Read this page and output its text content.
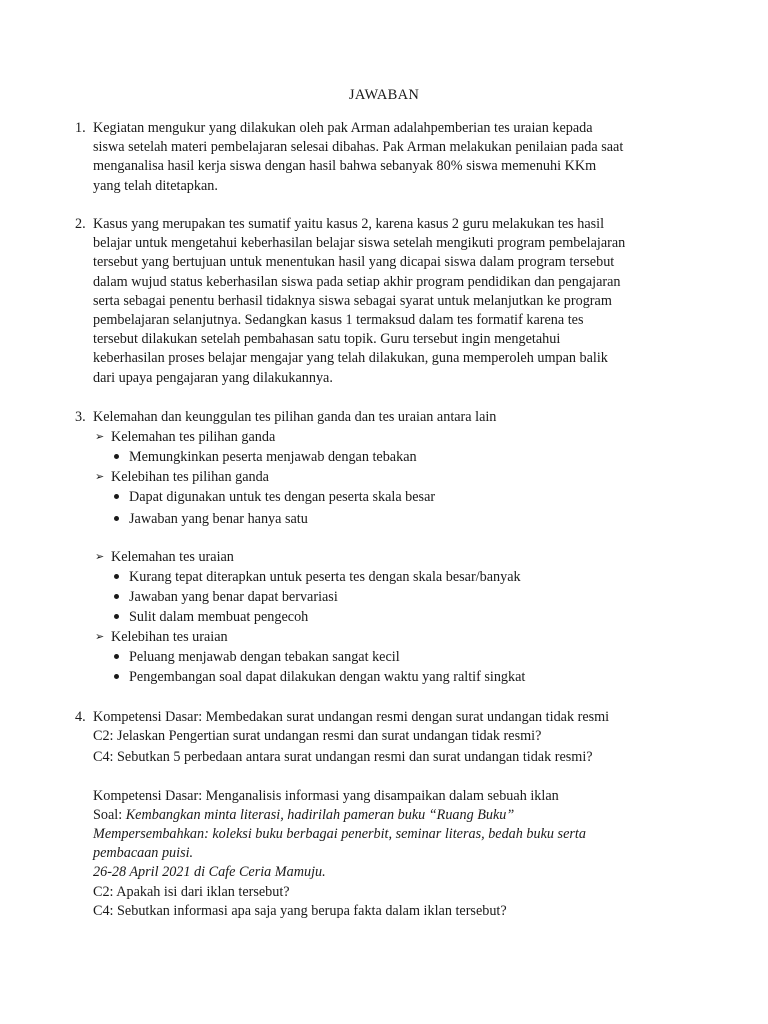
JAWABAN
1. Kegiatan mengukur yang dilakukan oleh pak Arman adalahpemberian tes uraian kepada

siswa setelah materi pembelajaran selesai dibahas. Pak Arman melakukan penilaian pada saat

menganalisa hasil kerja siswa dengan hasil bahwa sebanyak 80% siswa memenuhi KKm

yang telah ditetapkan.

2. Kasus yang merupakan tes sumatif yaitu kasus 2, karena kasus 2 guru melakukan tes hasil

belajar untuk mengetahui keberhasilan belajar siswa setelah mengikuti program pembelajaran

tersebut yang bertujuan untuk menentukan hasil yang dicapai siswa dalam program tersebut

dalam wujud status keberhasilan siswa pada setiap akhir program pendidikan dan pengajaran

serta sebagai penentu berhasil tidaknya siswa sebagai syarat untuk melanjutkan ke program

pembelajaran selanjutnya. Sedangkan kasus 1 termaksud dalam tes formatif karena tes

tersebut dilakukan setelah pembahasan satu topik. Guru tersebut ingin mengetahui

keberhasilan proses belajar mengajar yang telah dilakukan, guna memperoleh umpan balik

dari upaya pengajaran yang dilakukannya.

3. Kelemahan dan keunggulan tes pilihan ganda dan tes uraian antara lain

➢ Kelemahan tes pilihan ganda

Memungkinkan peserta menjawab dengan tebakan

➢ Kelebihan tes pilihan ganda

Dapat digunakan untuk tes dengan peserta skala besar

Jawaban yang benar hanya satu

➢ Kelemahan tes uraian

Kurang tepat diterapkan untuk peserta tes dengan skala besar/banyak

Jawaban yang benar dapat bervariasi

Sulit dalam membuat pengecoh

➢ Kelebihan tes uraian

Peluang menjawab dengan tebakan sangat kecil

Pengembangan soal dapat dilakukan dengan waktu yang raltif singkat

4. Kompetensi Dasar: Membedakan surat undangan resmi dengan surat undangan tidak resmi

C2: Jelaskan Pengertian surat undangan resmi dan surat undangan tidak resmi?

C4: Sebutkan 5 perbedaan antara surat undangan resmi dan surat undangan tidak resmi?

Kompetensi Dasar: Menganalisis informasi yang disampaikan dalam sebuah iklan

Soal: Kembangkan minta literasi, hadirilah pameran buku “Ruang Buku”

Mempersembahkan: koleksi buku berbagai penerbit, seminar literas, bedah buku serta

pembacaan puisi.

26-28 April 2021 di Cafe Ceria Mamuju.

C2: Apakah isi dari iklan tersebut?

C4: Sebutkan informasi apa saja yang berupa fakta dalam iklan tersebut?
